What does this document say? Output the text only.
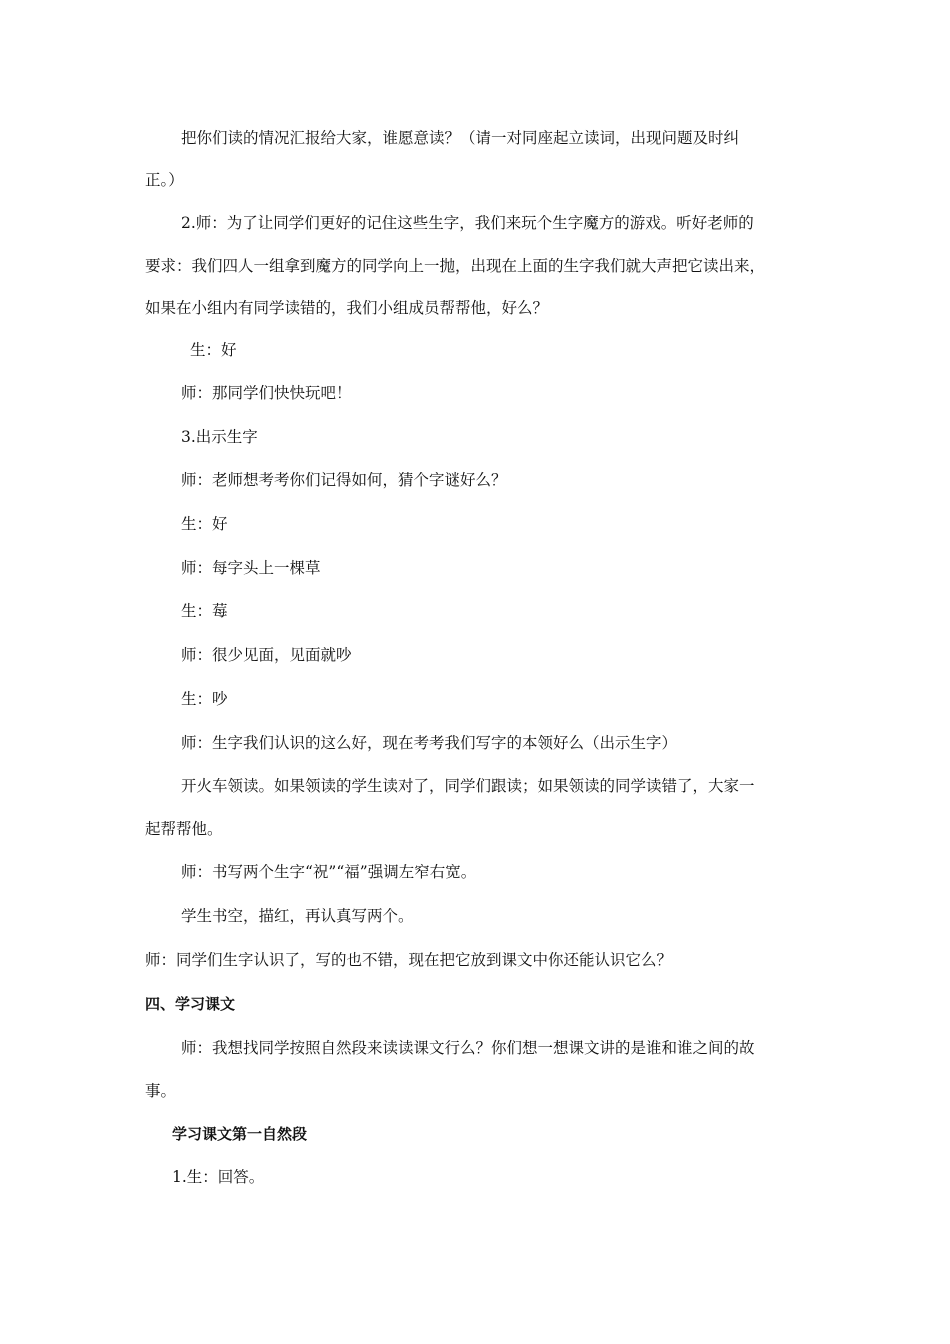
把你们读的情况汇报给大家，谁愿意读？（请一对同座起立读词，出现问题及时纠
正。）
2.师：为了让同学们更好的记住这些生字，我们来玩个生字魔方的游戏。听好老师的
要求：我们四人一组拿到魔方的同学向上一抛，出现在上面的生字我们就大声把它读出来，
如果在小组内有同学读错的，我们小组成员帮帮他，好么？
生：好
师：那同学们快快玩吧！
3.出示生字
师：老师想考考你们记得如何，猜个字谜好么？
生：好
师：每字头上一棵草
生：莓
师：很少见面，见面就吵
生：吵
师：生字我们认识的这么好，现在考考我们写字的本领好么（出示生字）
开火车领读。如果领读的学生读对了，同学们跟读；如果领读的同学读错了，大家一
起帮帮他。
师：书写两个生字“祝”“福”强调左窄右宽。
学生书空，描红，再认真写两个。
师：同学们生字认识了，写的也不错，现在把它放到课文中你还能认识它么？
四、学习课文
师：我想找同学按照自然段来读读课文行么？你们想一想课文讲的是谁和谁之间的故
事。
学习课文第一自然段
1.生：回答。
